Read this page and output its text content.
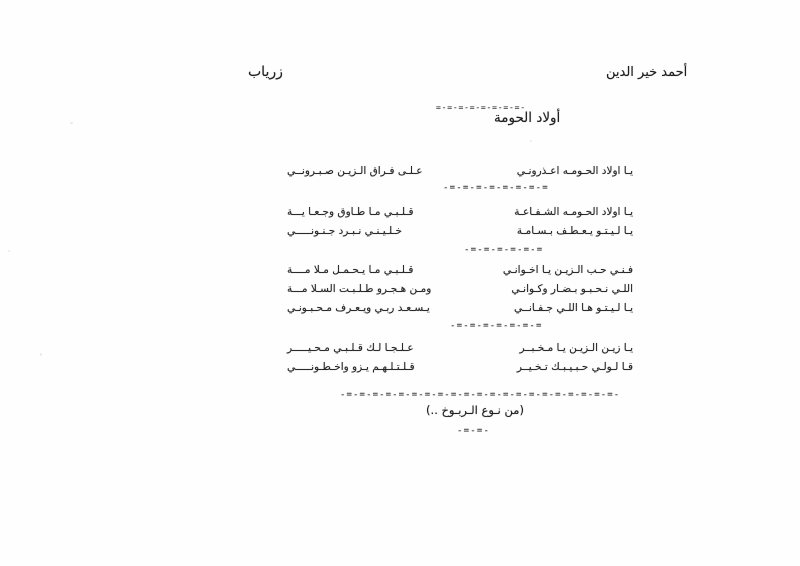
أحمد خير الدين
زرياب
=-=-=-=-=-=-=-=-
أولاد الحومة
يـا اولاد الحـومـه اعـذرونـي
عـلـى فـراق الـزيـن صـبـرونــي
-=-=-=-=-=-=-=-=
يـا اولاد الحـومـه الشـفـاعـة
قـلـبـي مـا طـاوق وجـعـا يـــة
يـا لـيـتـو يـعـطـف بـسـامـة
خـلـيـنـي نـبـرد جـنـونـــــي
-=-=-=-=-=-=
فـنـي حـب الـزيـن يـا اخـوانـي
قـلـبـي مـا يـحـمـل مـلا مــــة
اللـي نـحـبـو بـضـار وكـوانـي
ومـن هـجـرو طـلـبـت السـلا مـــة
يـا لـيـتـو هـا اللـي جـفـانــي
يـسـعـد ربـي ويـعـرف مـحـبـونـي
-=-=-=-=-=-=-=
يـا زيـن الـزيـن يـا مـخـبــر
عـلـجـا لـك قـلـبـي مـحـيـــــر
قـا لـولـي حـبـيـبـك تـخـيــر
قـلـتـلـهـم يـزو واخـطـونـــــي
-=-=-=-=-=-=-=-=-=-=-=-=-=-=-=-=-=-=-=-=-=-
(من نـوع الـربـوخ ..)
-=-=-
